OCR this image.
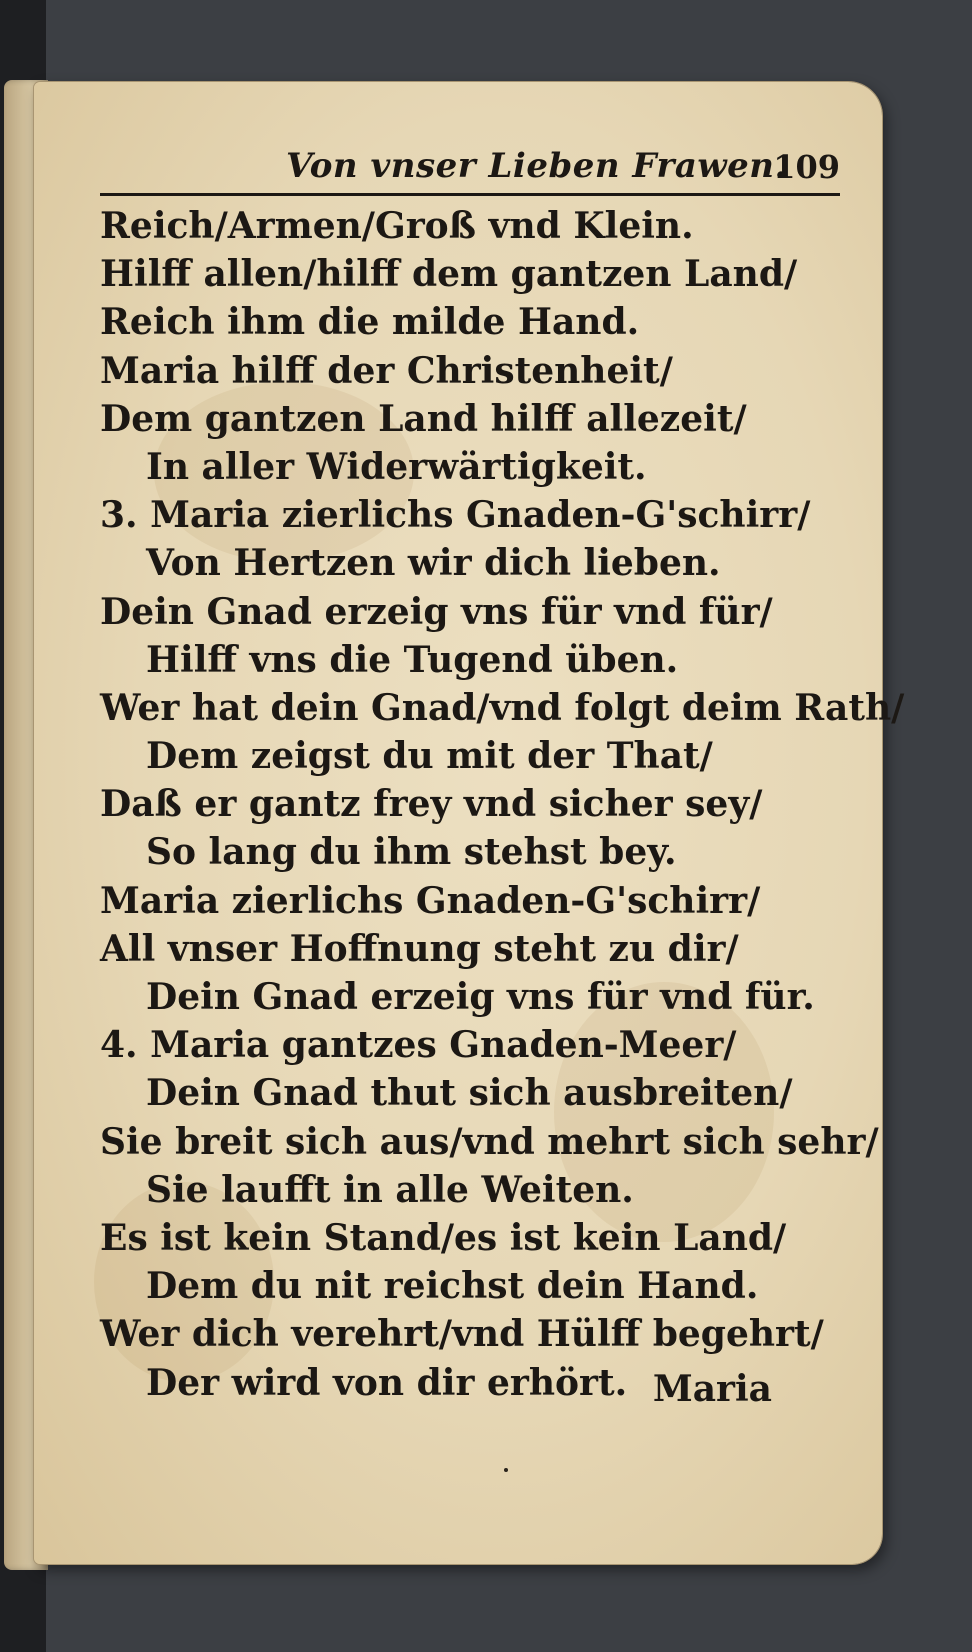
Von vnser Lieben Frawen.
109
Reich/Armen/Groß vnd Klein.
Hilff allen/hilff dem gantzen Land/
Reich ihm die milde Hand.
Maria hilff der Christenheit/
Dem gantzen Land hilff allezeit/
In aller Widerwärtigkeit.
3. Maria zierlichs Gnaden-G'schirr/
Von Hertzen wir dich lieben.
Dein Gnad erzeig vns für vnd für/
Hilff vns die Tugend üben.
Wer hat dein Gnad/vnd folgt deim Rath/
Dem zeigst du mit der That/
Daß er gantz frey vnd sicher sey/
So lang du ihm stehst bey.
Maria zierlichs Gnaden-G'schirr/
All vnser Hoffnung steht zu dir/
Dein Gnad erzeig vns für vnd für.
4. Maria gantzes Gnaden-Meer/
Dein Gnad thut sich ausbreiten/
Sie breit sich aus/vnd mehrt sich sehr/
Sie laufft in alle Weiten.
Es ist kein Stand/es ist kein Land/
Dem du nit reichst dein Hand.
Wer dich verehrt/vnd Hülff begehrt/
Der wird von dir erhört. Maria
